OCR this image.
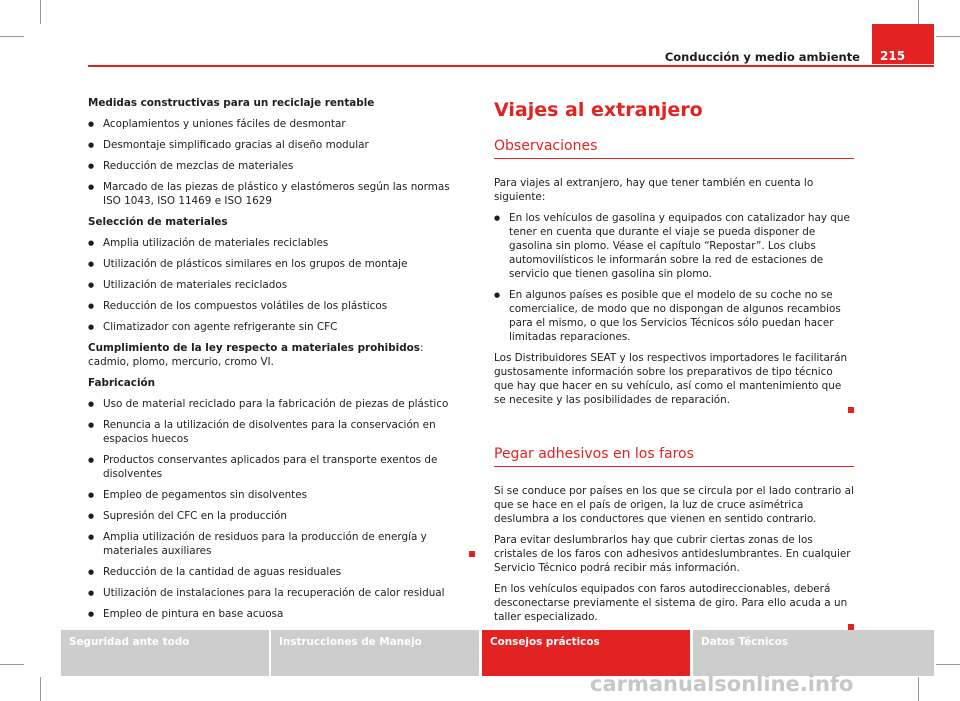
Conducción y medio ambiente	215

Medidas constructivas para un reciclaje rentable

● Acoplamientos y uniones fáciles de desmontar

● Desmontaje simplificado gracias al diseño modular

● Reducción de mezclas de materiales

● Marcado de las piezas de plástico y elastómeros según las normas ISO 1043, ISO 11469 e ISO 1629

Selección de materiales

● Amplia utilización de materiales reciclables

● Utilización de plásticos similares en los grupos de montaje

● Utilización de materiales reciclados

● Reducción de los compuestos volátiles de los plásticos

● Climatizador con agente refrigerante sin CFC

Cumplimiento de la ley respecto a materiales prohibidos: cadmio, plomo, mercurio, cromo VI.

Fabricación

● Uso de material reciclado para la fabricación de piezas de plástico

● Renuncia a la utilización de disolventes para la conservación en espacios huecos

● Productos conservantes aplicados para el transporte exentos de disolventes

● Empleo de pegamentos sin disolventes

● Supresión del CFC en la producción

● Amplia utilización de residuos para la producción de energía y materiales auxiliares

● Reducción de la cantidad de aguas residuales

● Utilización de instalaciones para la recuperación de calor residual

● Empleo de pintura en base acuosa

Viajes al extranjero
Observaciones

Para viajes al extranjero, hay que tener también en cuenta lo siguiente:

● En los vehículos de gasolina y equipados con catalizador hay que tener en cuenta que durante el viaje se pueda disponer de gasolina sin plomo. Véase el capítulo “Repostar”. Los clubs automovilísticos le informarán sobre la red de estaciones de servicio que tienen gasolina sin plomo.

● En algunos países es posible que el modelo de su coche no se comercialice, de modo que no dispongan de algunos recambios para el mismo, o que los Servicios Técnicos sólo puedan hacer limitadas reparaciones.

Los Distribuidores SEAT y los respectivos importadores le facilitarán gustosamente información sobre los preparativos de tipo técnico que hay que hacer en su vehículo, así como el mantenimiento que se necesite y las posibilidades de reparación.

Pegar adhesivos en los faros

Si se conduce por países en los que se circula por el lado contrario al que se hace en el país de origen, la luz de cruce asimétrica deslumbra a los conductores que vienen en sentido contrario.

Para evitar deslumbrarlos hay que cubrir ciertas zonas de los cristales de los faros con adhesivos antideslumbrantes. En cualquier Servicio Técnico podrá recibir más información.

En los vehículos equipados con faros autodireccionables, deberá desconectarse previamente el sistema de giro. Para ello acuda a un taller especializado.

Seguridad ante todo	Instrucciones de Manejo	Consejos prácticos	Datos Técnicos
carmanualsonline.info
